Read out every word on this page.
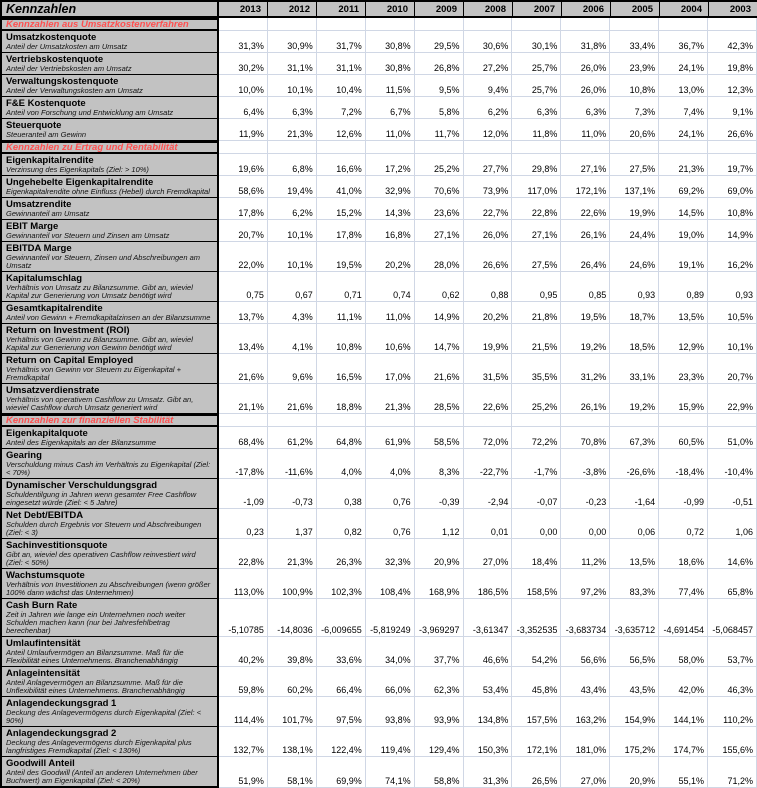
Kennzahlen	2013	2012	2011	2010	2009	2008	2007	2006	2005	2004	2003
Kennzahlen aus Umsatzkostenverfahren
Umsatzkostenquote
Anteil der Umsatzkosten am Umsatz	31,3%	30,9%	31,7%	30,8%	29,5%	30,6%	30,1%	31,8%	33,4%	36,7%	42,3%
Vertriebskostenquote
Anteil der Vertriebskosten am Umsatz	30,2%	31,1%	31,1%	30,8%	26,8%	27,2%	25,7%	26,0%	23,9%	24,1%	19,8%
Verwaltungskostenquote
Anteil der Verwaltungskosten am Umsatz	10,0%	10,1%	10,4%	11,5%	9,5%	9,4%	25,7%	26,0%	10,8%	13,0%	12,3%
F&E Kostenquote
Anteil von Forschung und Entwicklung am Umsatz	6,4%	6,3%	7,2%	6,7%	5,8%	6,2%	6,3%	6,3%	7,3%	7,4%	9,1%
Steuerquote
Steueranteil am Gewinn	11,9%	21,3%	12,6%	11,0%	11,7%	12,0%	11,8%	11,0%	20,6%	24,1%	26,6%
Kennzahlen zu Ertrag und Rentabilität
Eigenkapitalrendite
Verzinsung des Eigenkapitals (Ziel: > 10%)	19,6%	6,8%	16,6%	17,2%	25,2%	27,7%	29,8%	27,1%	27,5%	21,3%	19,7%
Ungehebelte Eigenkapitalrendite
Eigenkapitalrendite ohne Einfluss (Hebel) durch Fremdkapital	58,6%	19,4%	41,0%	32,9%	70,6%	73,9%	117,0%	172,1%	137,1%	69,2%	69,0%
Umsatzrendite
Gewinnanteil am Umsatz	17,8%	6,2%	15,2%	14,3%	23,6%	22,7%	22,8%	22,6%	19,9%	14,5%	10,8%
EBIT Marge
Gewinnanteil vor Steuern und Zinsen am Umsatz	20,7%	10,1%	17,8%	16,8%	27,1%	26,0%	27,1%	26,1%	24,4%	19,0%	14,9%
EBITDA Marge
Gewinnanteil vor Steuern, Zinsen und Abschreibungen am Umsatz	22,0%	10,1%	19,5%	20,2%	28,0%	26,6%	27,5%	26,4%	24,6%	19,1%	16,2%
Kapitalumschlag
Verhältnis von Umsatz zu Bilanzsumme. Gibt an, wieviel Kapital zur Generierung von Umsatz benötigt wird	0,75	0,67	0,71	0,74	0,62	0,88	0,95	0,85	0,93	0,89	0,93
Gesamtkapitalrendite
Anteil von Gewinn + Fremdkapitalzinsen an der Bilanzsumme	13,7%	4,3%	11,1%	11,0%	14,9%	20,2%	21,8%	19,5%	18,7%	13,5%	10,5%
Return on Investment (ROI)
Verhältnis von Gewinn zu Bilanzsumme. Gibt an, wieviel Kapital zur Generierung von Gewinn benötigt wird	13,4%	4,1%	10,8%	10,6%	14,7%	19,9%	21,5%	19,2%	18,5%	12,9%	10,1%
Return on Capital Employed
Verhältnis von Gewinn vor Steuern zu Eigenkapital + Fremdkapital	21,6%	9,6%	16,5%	17,0%	21,6%	31,5%	35,5%	31,2%	33,1%	23,3%	20,7%
Umsatzverdienstrate
Verhältnis von operativem Cashflow zu Umsatz. Gibt an, wieviel Cashflow durch Umsatz generiert wird	21,1%	21,6%	18,8%	21,3%	28,5%	22,6%	25,2%	26,1%	19,2%	15,9%	22,9%
Kennzahlen zur finanziellen Stabilität
Eigenkapitalquote
Anteil des Eigenkapitals an der Bilanzsumme	68,4%	61,2%	64,8%	61,9%	58,5%	72,0%	72,2%	70,8%	67,3%	60,5%	51,0%
Gearing
Verschuldung minus Cash im Verhältnis zu Eigenkapital (Ziel: < 70%)	-17,8%	-11,6%	4,0%	4,0%	8,3%	-22,7%	-1,7%	-3,8%	-26,6%	-18,4%	-10,4%
Dynamischer Verschuldungsgrad
Schuldentilgung in Jahren wenn gesamter Free Cashflow eingesetzt würde (Ziel: < 5 Jahre)	-1,09	-0,73	0,38	0,76	-0,39	-2,94	-0,07	-0,23	-1,64	-0,99	-0,51
Net Debt/EBITDA
Schulden durch Ergebnis vor Steuern und Abschreibungen (Ziel: < 3)	0,23	1,37	0,82	0,76	1,12	0,01	0,00	0,00	0,06	0,72	1,06
Sachinvestitionsquote
Gibt an, wieviel des operativen Cashflow reinvestiert wird (Ziel: < 50%)	22,8%	21,3%	26,3%	32,3%	20,9%	27,0%	18,4%	11,2%	13,5%	18,6%	14,6%
Wachstumsquote
Verhältnis von Investitionen zu Abschreibungen (wenn größer 100% dann wächst das Unternehmen)	113,0%	100,9%	102,3%	108,4%	168,9%	186,5%	158,5%	97,2%	83,3%	77,4%	65,8%
Cash Burn Rate
Zeit in Jahren wie lange ein Unternehmen noch weiter Schulden machen kann (nur bei Jahresfehlbetrag berechenbar)	-5,10785	-14,8036 -6,009655 -5,819249 -3,969297	-3,61347 -3,352535 -3,683734 -3,635712 -4,691454 -5,068457
Umlaufintensität
Anteil Umlaufvermögen an Bilanzsumme. Maß für die Flexibilität eines Unternehmens. Branchenabhängig	40,2%	39,8%	33,6%	34,0%	37,7%	46,6%	54,2%	56,6%	56,5%	58,0%	53,7%
Anlageintensität
Anteil Anlagevermögen an Bilanzsumme. Maß für die Unflexibilität eines Unternehmens. Branchenabhängig	59,8%	60,2%	66,4%	66,0%	62,3%	53,4%	45,8%	43,4%	43,5%	42,0%	46,3%
Anlagendeckungsgrad 1
Deckung des Anlagevermögens durch Eigenkapital (Ziel: < 90%)	114,4%	101,7%	97,5%	93,8%	93,9%	134,8%	157,5%	163,2%	154,9%	144,1%	110,2%
Anlagendeckungsgrad 2
Deckung des Anlagevermögens durch Eigenkapital plus langfristiges Fremdkapital (Ziel: < 130%)	132,7%	138,1%	122,4%	119,4%	129,4%	150,3%	172,1%	181,0%	175,2%	174,7%	155,6%
Goodwill Anteil
Anteil des Goodwill (Anteil an anderen Unternehmen über Buchwert) am Eigenkapital (Ziel: < 20%)	51,9%	58,1%	69,9%	74,1%	58,8%	31,3%	26,5%	27,0%	20,9%	55,1%	71,2%
